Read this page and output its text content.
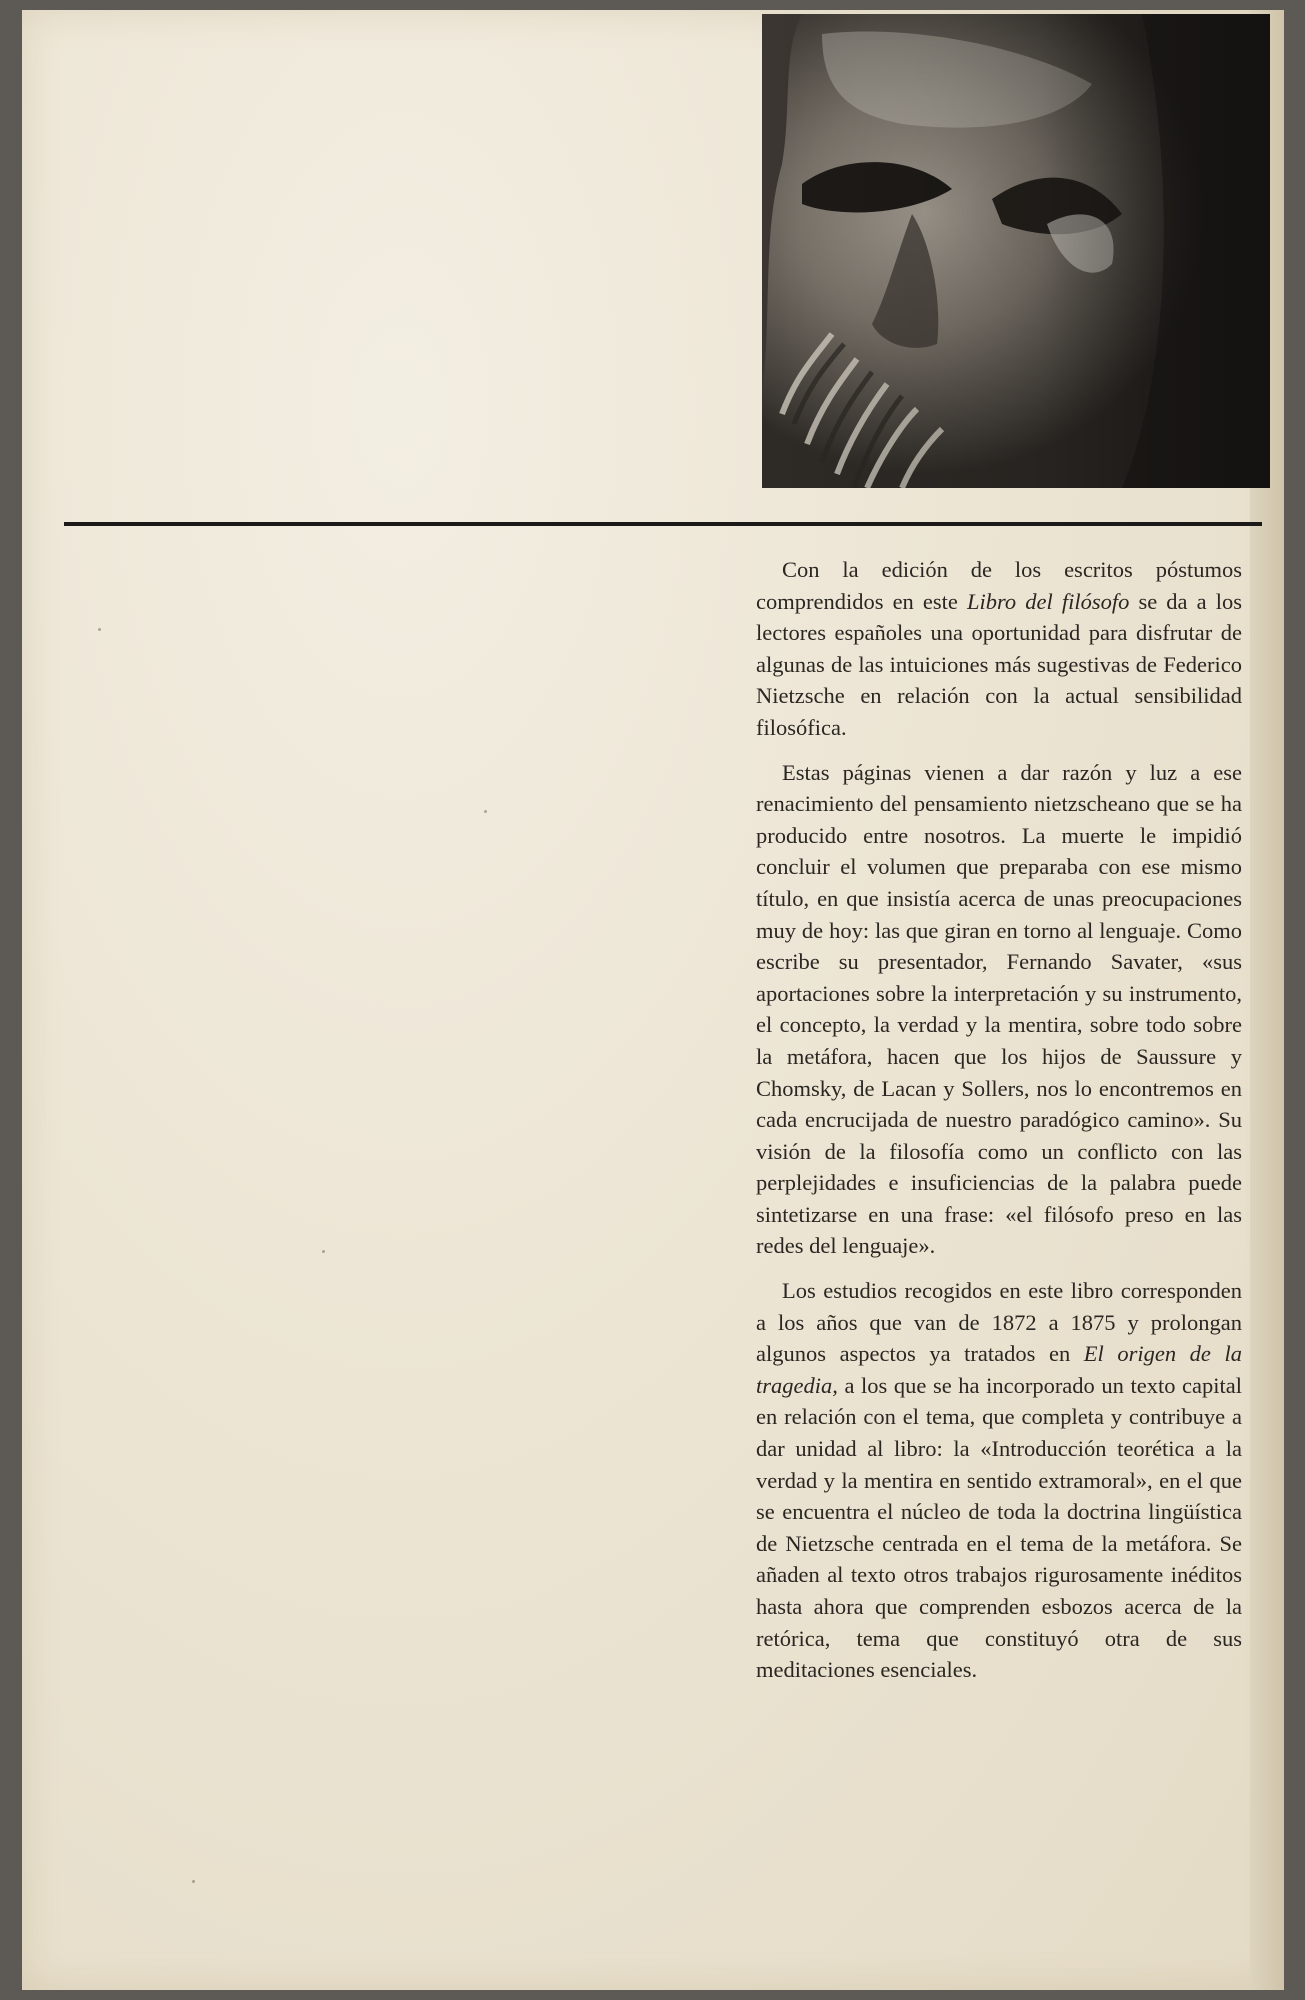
Con la edición de los escritos póstumos comprendidos en este Libro del filósofo se da a los lectores españoles una oportunidad para disfrutar de algunas de las intuiciones más sugestivas de Federico Nietzsche en relación con la actual sensibilidad filosófica.

Estas páginas vienen a dar razón y luz a ese renacimiento del pensamiento nietzscheano que se ha producido entre nosotros. La muerte le impidió concluir el volumen que preparaba con ese mismo título, en que insistía acerca de unas preocupaciones muy de hoy: las que giran en torno al lenguaje. Como escribe su presentador, Fernando Savater, «sus aportaciones sobre la interpretación y su instrumento, el concepto, la verdad y la mentira, sobre todo sobre la metáfora, hacen que los hijos de Saussure y Chomsky, de Lacan y Sollers, nos lo encontremos en cada encrucijada de nuestro paradógico camino». Su visión de la filosofía como un conflicto con las perplejidades e insuficiencias de la palabra puede sintetizarse en una frase: «el filósofo preso en las redes del lenguaje».

Los estudios recogidos en este libro corresponden a los años que van de 1872 a 1875 y prolongan algunos aspectos ya tratados en El origen de la tragedia, a los que se ha incorporado un texto capital en relación con el tema, que completa y contribuye a dar unidad al libro: la «Introducción teorética a la verdad y la mentira en sentido extramoral», en el que se encuentra el núcleo de toda la doctrina lingüística de Nietzsche centrada en el tema de la metáfora. Se añaden al texto otros trabajos rigurosamente inéditos hasta ahora que comprenden esbozos acerca de la retórica, tema que constituyó otra de sus meditaciones esenciales.
